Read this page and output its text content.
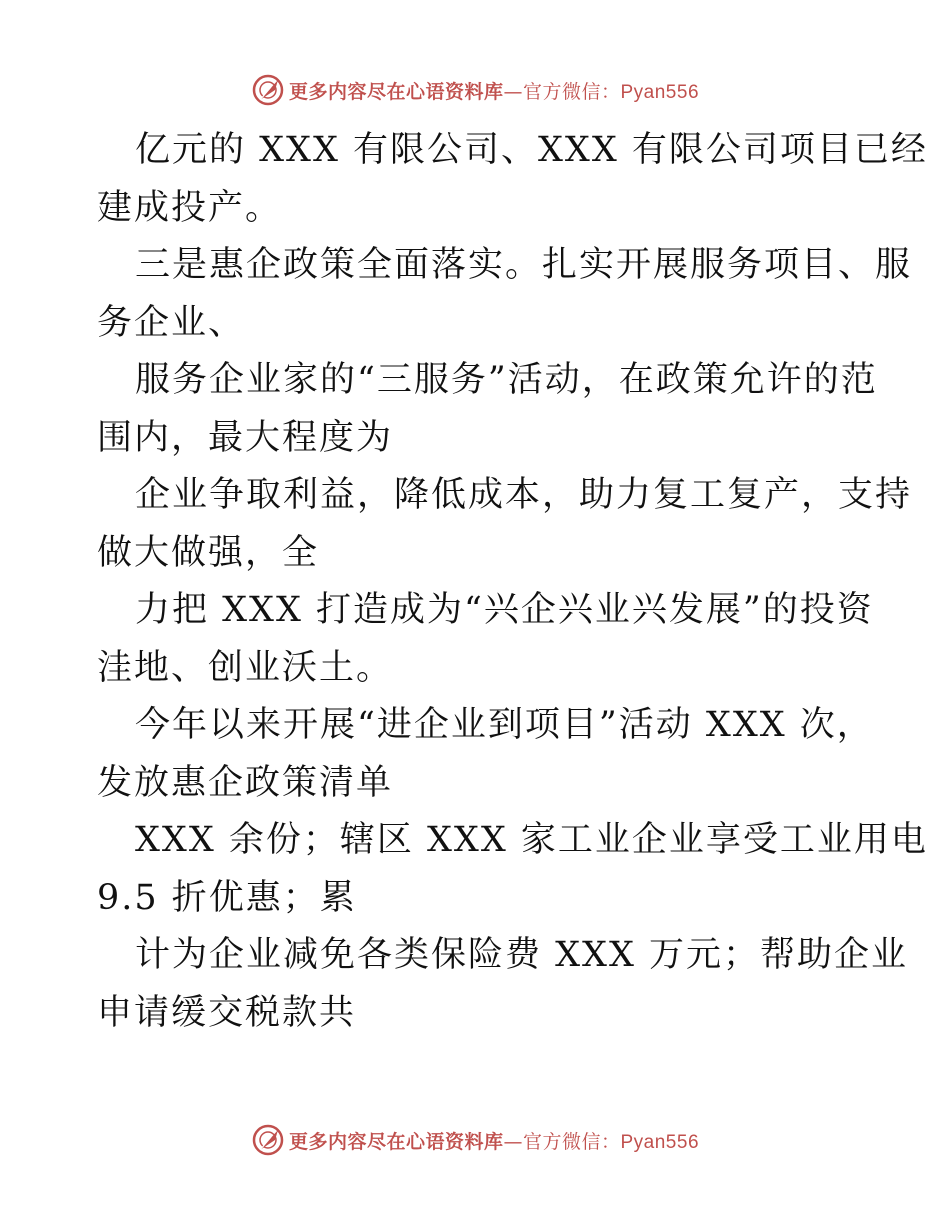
更多内容尽在心语资料库—官方微信：Pyan556
亿元的 XXX 有限公司、XXX 有限公司项目已经
建成投产。
三是惠企政策全面落实。扎实开展服务项目、服
务企业、
服务企业家的“三服务”活动，在政策允许的范
围内，最大程度为
企业争取利益，降低成本，助力复工复产，支持
做大做强，全
力把 XXX 打造成为“兴企兴业兴发展”的投资
洼地、创业沃土。
今年以来开展“进企业到项目”活动 XXX 次，
发放惠企政策清单
XXX 余份；辖区 XXX 家工业企业享受工业用电
9.5 折优惠；累
计为企业减免各类保险费 XXX 万元；帮助企业
申请缓交税款共
更多内容尽在心语资料库—官方微信：Pyan556
